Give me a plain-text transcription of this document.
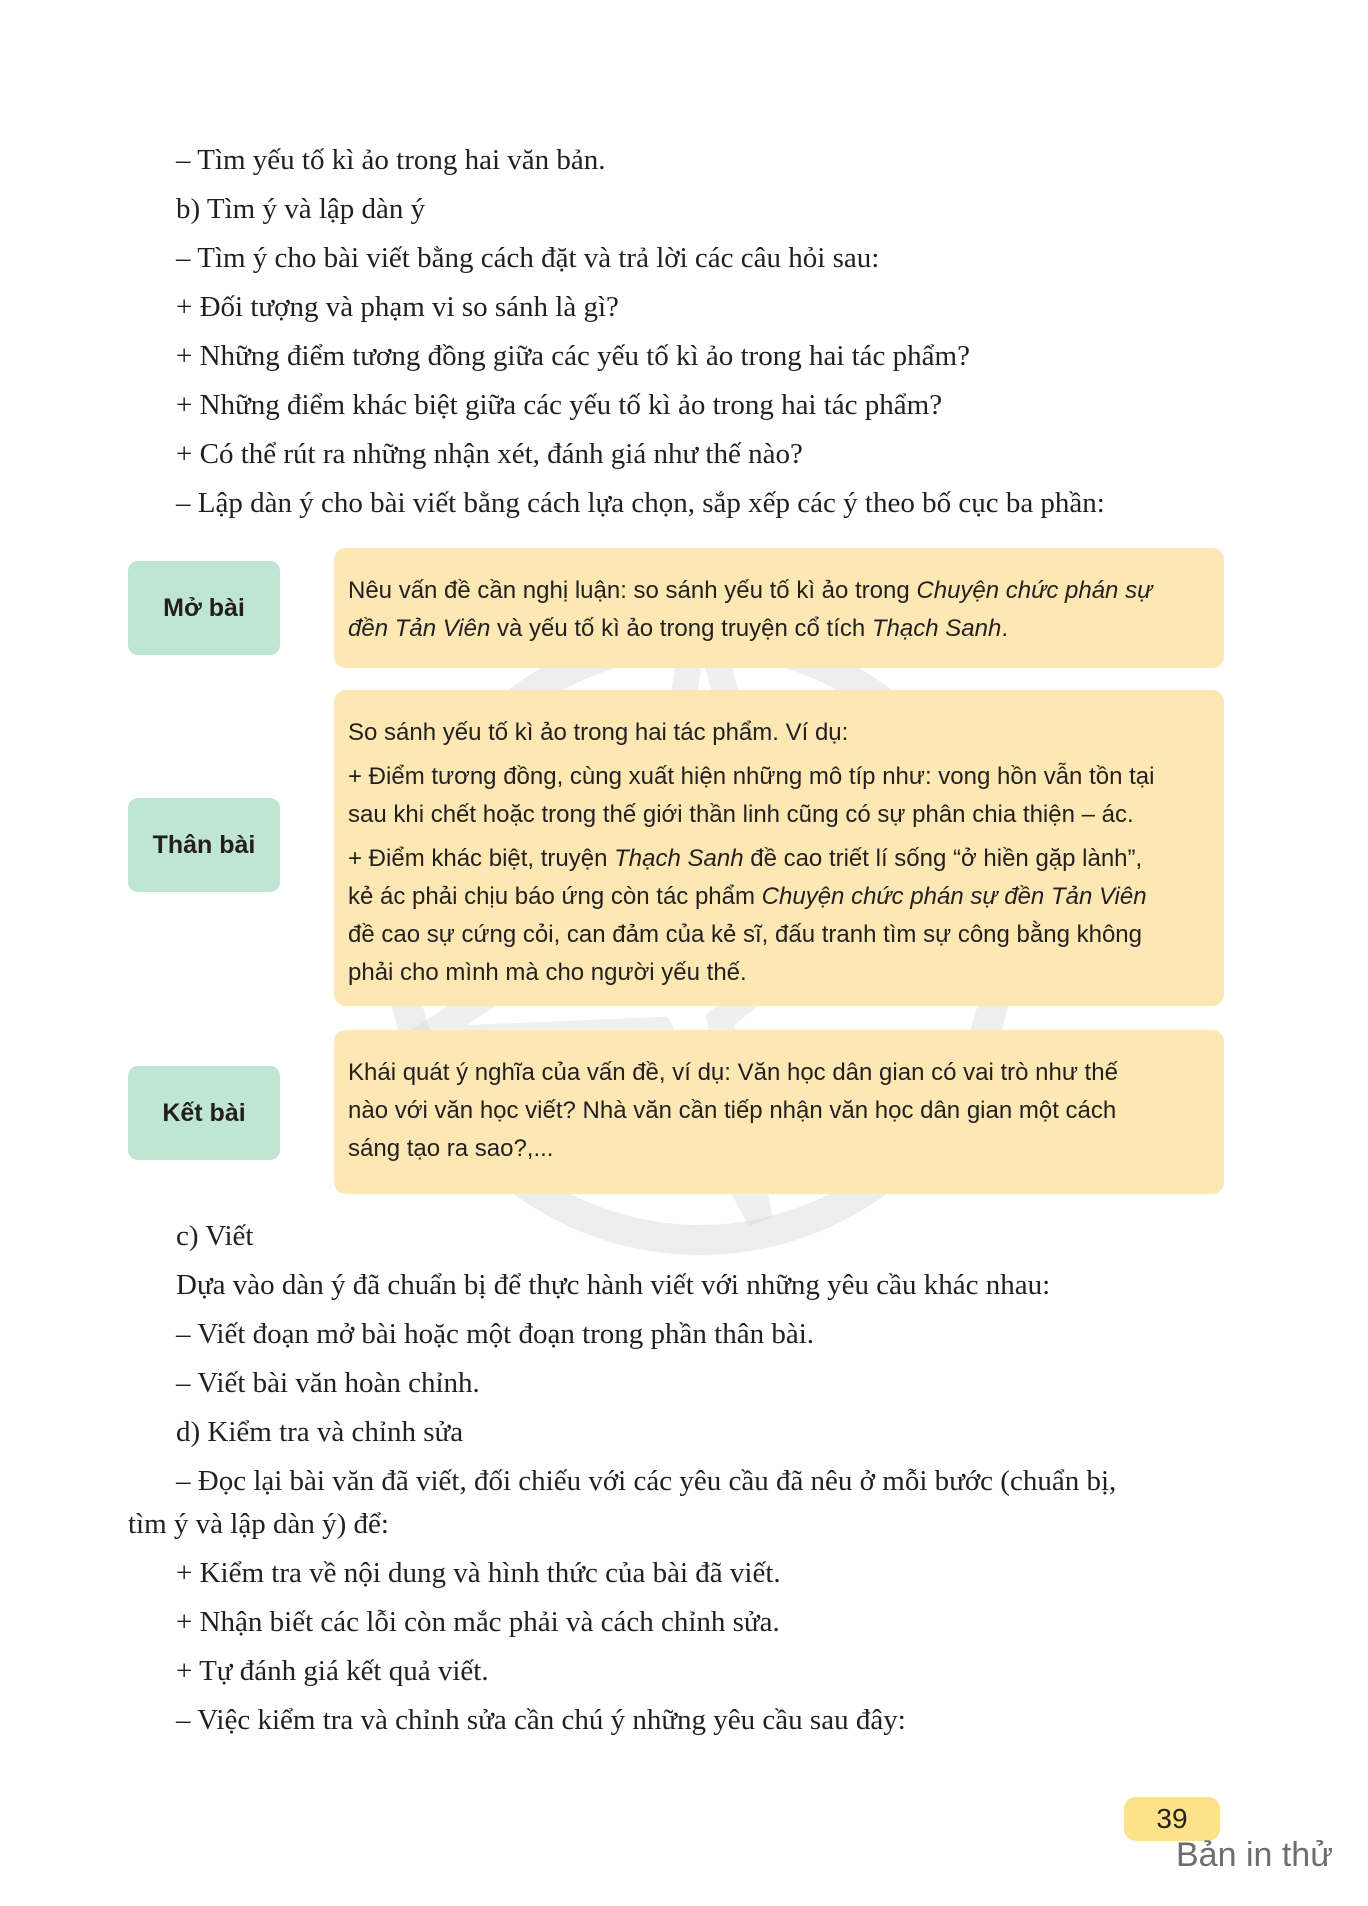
– Tìm yếu tố kì ảo trong hai văn bản.
b) Tìm ý và lập dàn ý
– Tìm ý cho bài viết bằng cách đặt và trả lời các câu hỏi sau:
+ Đối tượng và phạm vi so sánh là gì?
+ Những điểm tương đồng giữa các yếu tố kì ảo trong hai tác phẩm?
+ Những điểm khác biệt giữa các yếu tố kì ảo trong hai tác phẩm?
+ Có thể rút ra những nhận xét, đánh giá như thế nào?
– Lập dàn ý cho bài viết bằng cách lựa chọn, sắp xếp các ý theo bố cục ba phần:
Mở bài
Nêu vấn đề cần nghị luận: so sánh yếu tố kì ảo trong Chuyện chức phán sự
đền Tản Viên và yếu tố kì ảo trong truyện cổ tích Thạch Sanh.
Thân bài
So sánh yếu tố kì ảo trong hai tác phẩm. Ví dụ:
+ Điểm tương đồng, cùng xuất hiện những mô típ như: vong hồn vẫn tồn tại
sau khi chết hoặc trong thế giới thần linh cũng có sự phân chia thiện – ác.
+ Điểm khác biệt, truyện Thạch Sanh đề cao triết lí sống “ở hiền gặp lành”,
kẻ ác phải chịu báo ứng còn tác phẩm Chuyện chức phán sự đền Tản Viên
đề cao sự cứng cỏi, can đảm của kẻ sĩ, đấu tranh tìm sự công bằng không
phải cho mình mà cho người yếu thế.
Kết bài
Khái quát ý nghĩa của vấn đề, ví dụ: Văn học dân gian có vai trò như thế
nào với văn học viết? Nhà văn cần tiếp nhận văn học dân gian một cách
sáng tạo ra sao?,...
c) Viết
Dựa vào dàn ý đã chuẩn bị để thực hành viết với những yêu cầu khác nhau:
– Viết đoạn mở bài hoặc một đoạn trong phần thân bài.
– Viết bài văn hoàn chỉnh.
d) Kiểm tra và chỉnh sửa
– Đọc lại bài văn đã viết, đối chiếu với các yêu cầu đã nêu ở mỗi bước (chuẩn bị,
tìm ý và lập dàn ý) để:
+ Kiểm tra về nội dung và hình thức của bài đã viết.
+ Nhận biết các lỗi còn mắc phải và cách chỉnh sửa.
+ Tự đánh giá kết quả viết.
– Việc kiểm tra và chỉnh sửa cần chú ý những yêu cầu sau đây:
39
Bản in thử
